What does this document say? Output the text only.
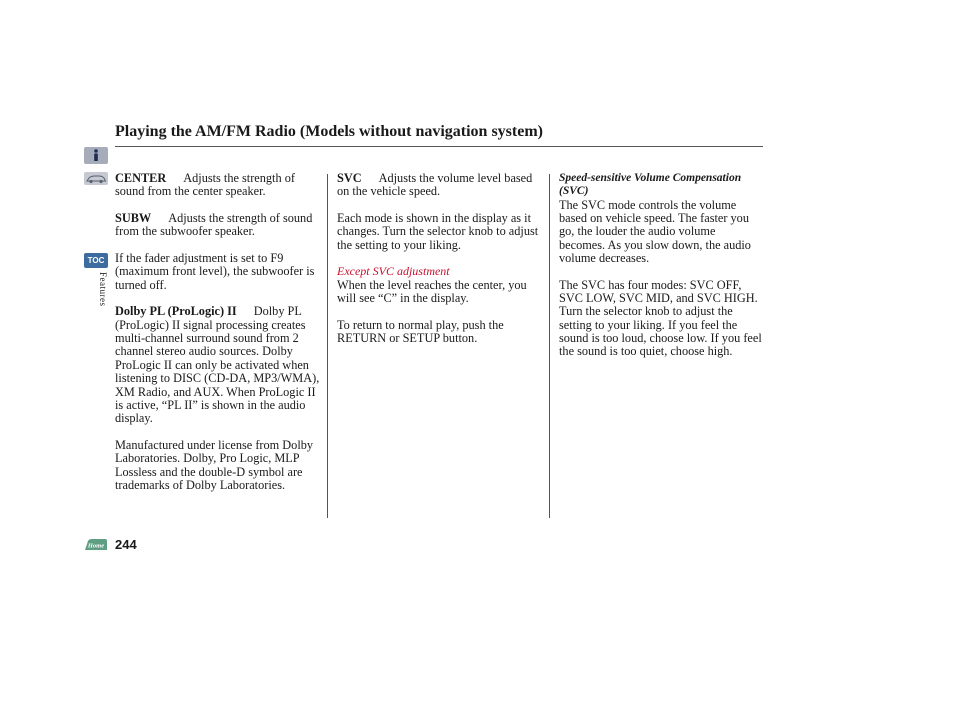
Playing the AM/FM Radio (Models without navigation system)
TOC
Features

CENTER Adjusts the strength of sound from the center speaker.

SUBW Adjusts the strength of sound from the subwoofer speaker.

If the fader adjustment is set to F9 (maximum front level), the subwoofer is turned off.

Dolby PL (ProLogic) II Dolby PL (ProLogic) II signal processing creates multi-channel surround sound from 2 channel stereo audio sources. Dolby ProLogic II can only be activated when listening to DISC (CD-DA, MP3/WMA), XM Radio, and AUX. When ProLogic II is active, “PL II” is shown in the audio display.

Manufactured under license from Dolby Laboratories. Dolby, Pro Logic, MLP Lossless and the double-D symbol are trademarks of Dolby Laboratories.

SVC Adjusts the volume level based on the vehicle speed.

Each mode is shown in the display as it changes. Turn the selector knob to adjust the setting to your liking.

Except SVC adjustment

When the level reaches the center, you will see “C” in the display.

To return to normal play, push the RETURN or SETUP button.

Speed-sensitive Volume Compensation (SVC)

The SVC mode controls the volume based on vehicle speed. The faster you go, the louder the audio volume becomes. As you slow down, the audio volume decreases.

The SVC has four modes: SVC OFF, SVC LOW, SVC MID, and SVC HIGH. Turn the selector knob to adjust the setting to your liking. If you feel the sound is too loud, choose low. If you feel the sound is too quiet, choose high.

Home 244
